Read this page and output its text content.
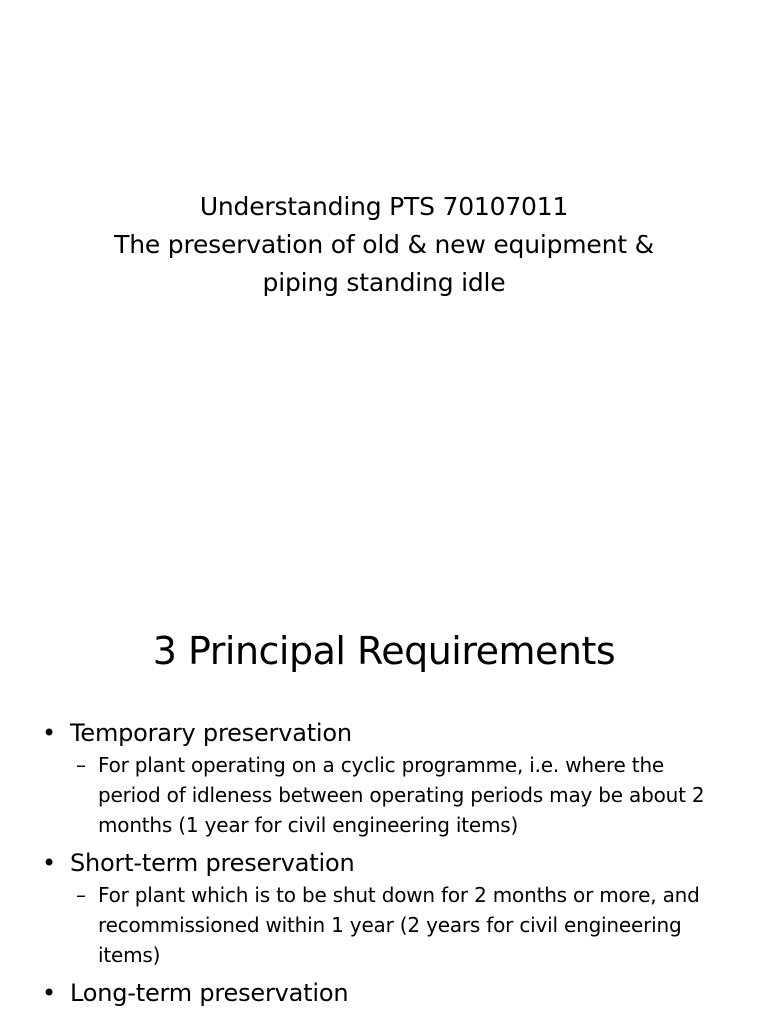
Understanding PTS 70107011
The preservation of old & new equipment &
piping standing idle
3 Principal Requirements
• Temporary preservation
– For plant operating on a cyclic programme, i.e. where the
period of idleness between operating periods may be about 2
months (1 year for civil engineering items)
• Short-term preservation
– For plant which is to be shut down for 2 months or more, and
recommissioned within 1 year (2 years for civil engineering
items)
• Long-term preservation
